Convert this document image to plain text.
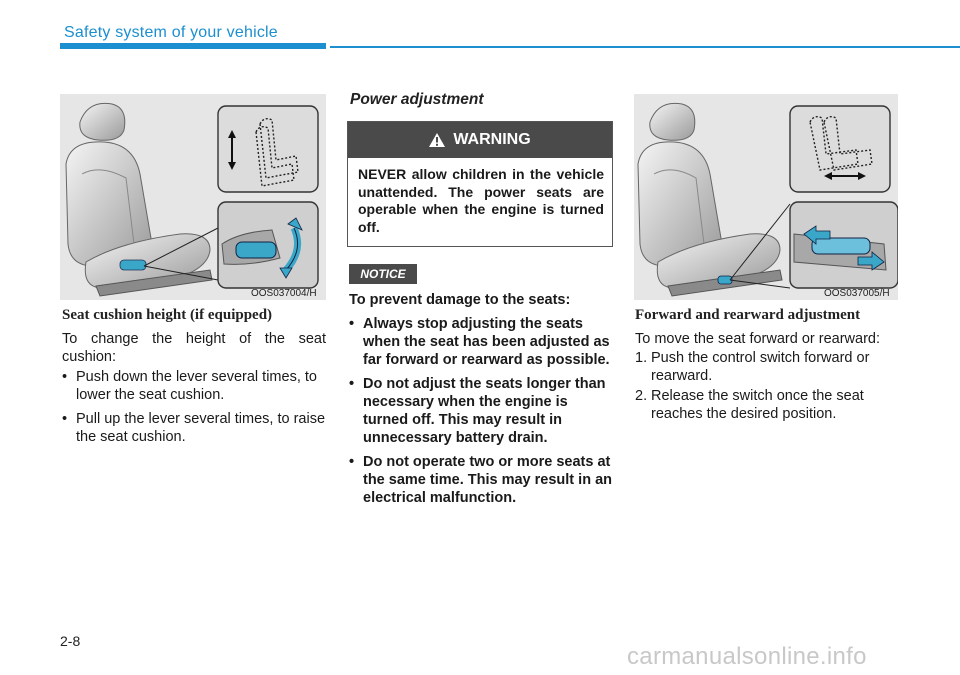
Safety system of your vehicle
OOS037004/H
Seat cushion height (if equipped)
To change the height of the seat cushion:
• Push down the lever several times, to lower the seat cushion.
• Pull up the lever several times, to raise the seat cushion.
Power adjustment
WARNING
NEVER allow children in the vehicle unattended. The power seats are operable when the engine is turned off.
NOTICE
To prevent damage to the seats:
• Always stop adjusting the seats when the seat has been adjusted as far forward or rearward as possible.
• Do not adjust the seats longer than necessary when the engine is turned off. This may result in unnecessary battery drain.
• Do not operate two or more seats at the same time. This may result in an electrical malfunction.
OOS037005/H
Forward and rearward adjustment
To move the seat forward or rearward:
1. Push the control switch forward or rearward.
2. Release the switch once the seat reaches the desired position.
2-8
carmanualsonline.info
